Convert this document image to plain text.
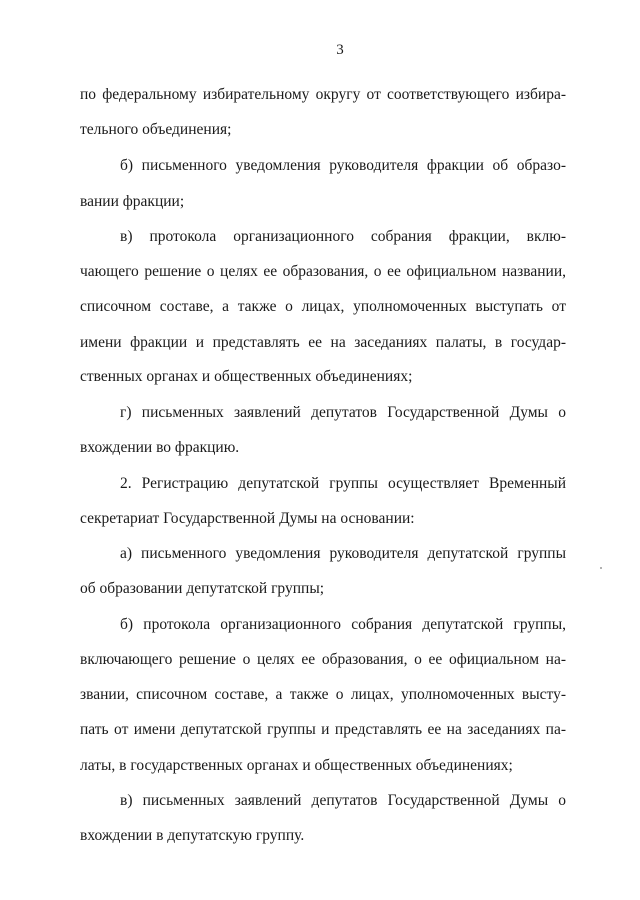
3
по федеральному избирательному округу от соответствующего избира-
тельного объединения;
б) письменного уведомления руководителя фракции об образо-
вании фракции;
в) протокола организационного собрания фракции, вклю-
чающего решение о целях ее образования, о ее официальном названии,
списочном составе, а также о лицах, уполномоченных выступать от
имени фракции и представлять ее на заседаниях палаты, в государ-
ственных органах и общественных объединениях;
г) письменных заявлений депутатов Государственной Думы о
вхождении во фракцию.
2. Регистрацию депутатской группы осуществляет Временный
секретариат Государственной Думы на основании:
а) письменного уведомления руководителя депутатской группы
об образовании депутатской группы;
б) протокола организационного собрания депутатской группы,
включающего решение о целях ее образования, о ее официальном на-
звании, списочном составе, а также о лицах, уполномоченных высту-
пать от имени депутатской группы и представлять ее на заседаниях па-
латы, в государственных органах и общественных объединениях;
в) письменных заявлений депутатов Государственной Думы о
вхождении в депутатскую группу.
